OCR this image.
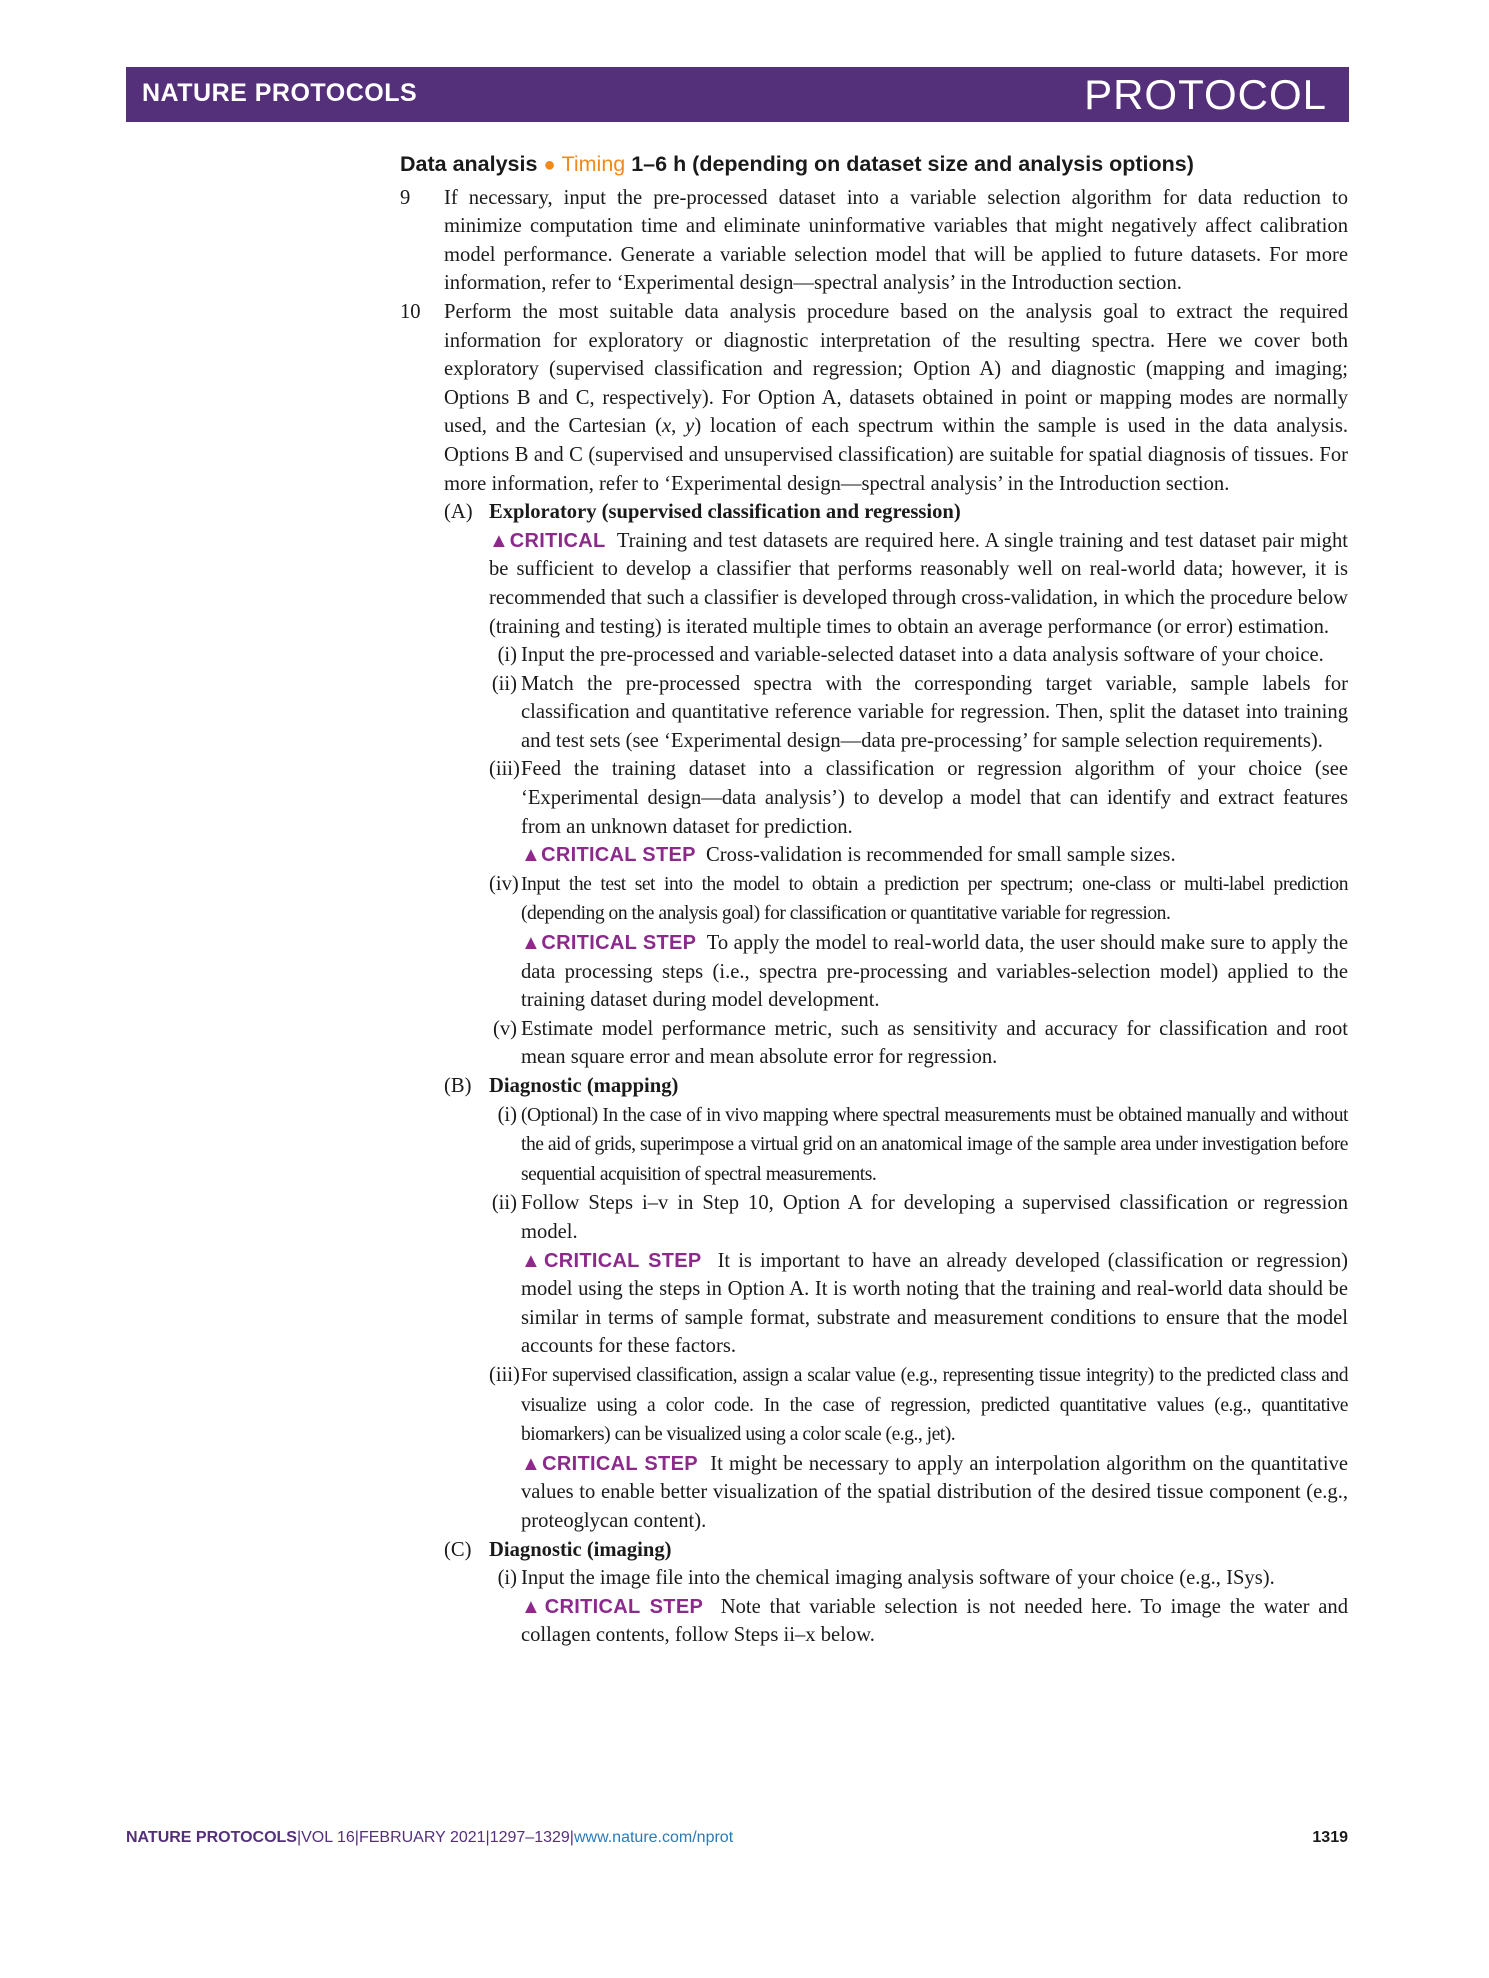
NATURE PROTOCOLS	PROTOCOL
Data analysis ● Timing 1–6 h (depending on dataset size and analysis options)
9 If necessary, input the pre-processed dataset into a variable selection algorithm for data reduction to minimize computation time and eliminate uninformative variables that might negatively affect calibration model performance. Generate a variable selection model that will be applied to future datasets. For more information, refer to ‘Experimental design—spectral analysis’ in the Introduction section.
10 Perform the most suitable data analysis procedure based on the analysis goal to extract the required information for exploratory or diagnostic interpretation of the resulting spectra. Here we cover both exploratory (supervised classification and regression; Option A) and diagnostic (mapping and imaging; Options B and C, respectively). For Option A, datasets obtained in point or mapping modes are normally used, and the Cartesian (x, y) location of each spectrum within the sample is used in the data analysis. Options B and C (supervised and unsupervised classification) are suitable for spatial diagnosis of tissues. For more information, refer to ‘Experimental design—spectral analysis’ in the Introduction section.
(A) Exploratory (supervised classification and regression)
▲CRITICAL Training and test datasets are required here. A single training and test dataset pair might be sufficient to develop a classifier that performs reasonably well on real-world data; however, it is recommended that such a classifier is developed through cross-validation, in which the procedure below (training and testing) is iterated multiple times to obtain an average performance (or error) estimation.
(i) Input the pre-processed and variable-selected dataset into a data analysis software of your choice.
(ii) Match the pre-processed spectra with the corresponding target variable, sample labels for classification and quantitative reference variable for regression. Then, split the dataset into training and test sets (see ‘Experimental design—data pre-processing’ for sample selection requirements).
(iii) Feed the training dataset into a classification or regression algorithm of your choice (see ‘Experimental design—data analysis’) to develop a model that can identify and extract features from an unknown dataset for prediction.
▲CRITICAL STEP Cross-validation is recommended for small sample sizes.
(iv) Input the test set into the model to obtain a prediction per spectrum; one-class or multi-label prediction (depending on the analysis goal) for classification or quantitative variable for regression.
▲CRITICAL STEP To apply the model to real-world data, the user should make sure to apply the data processing steps (i.e., spectra pre-processing and variables-selection model) applied to the training dataset during model development.
(v) Estimate model performance metric, such as sensitivity and accuracy for classification and root mean square error and mean absolute error for regression.
(B) Diagnostic (mapping)
(i) (Optional) In the case of in vivo mapping where spectral measurements must be obtained manually and without the aid of grids, superimpose a virtual grid on an anatomical image of the sample area under investigation before sequential acquisition of spectral measurements.
(ii) Follow Steps i–v in Step 10, Option A for developing a supervised classification or regression model.
▲CRITICAL STEP It is important to have an already developed (classification or regression) model using the steps in Option A. It is worth noting that the training and real-world data should be similar in terms of sample format, substrate and measurement conditions to ensure that the model accounts for these factors.
(iii) For supervised classification, assign a scalar value (e.g., representing tissue integrity) to the predicted class and visualize using a color code. In the case of regression, predicted quantitative values (e.g., quantitative biomarkers) can be visualized using a color scale (e.g., jet).
▲CRITICAL STEP It might be necessary to apply an interpolation algorithm on the quantitative values to enable better visualization of the spatial distribution of the desired tissue component (e.g., proteoglycan content).
(C) Diagnostic (imaging)
(i) Input the image file into the chemical imaging analysis software of your choice (e.g., ISys).
▲CRITICAL STEP Note that variable selection is not needed here. To image the water and collagen contents, follow Steps ii–x below.
NATURE PROTOCOLS|VOL 16|FEBRUARY 2021|1297–1329|www.nature.com/nprot	1319
